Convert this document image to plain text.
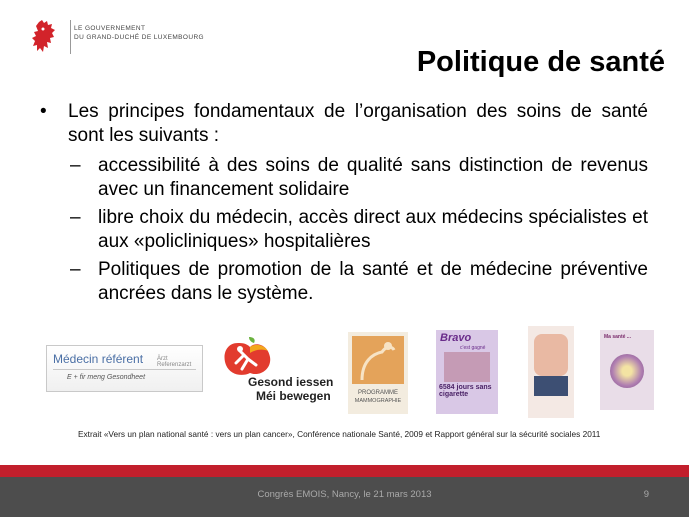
LE GOUVERNEMENT
DU GRAND-DUCHÉ DE LUXEMBOURG
Politique de santé
• Les principes fondamentaux de l’organisation des soins de santé sont les suivants :
– accessibilité à des soins de qualité sans distinction de revenus avec un financement solidaire
– libre choix du médecin, accès direct aux médecins spécialistes et aux «policliniques» hospitalières
– Politiques de promotion de la santé et de médecine préventive ancrées dans le système.
Médecin référent Ärzt Referenzarzt
E + fir meng Gesondheet	Gesond iessen
Méi bewegen	PROGRAMME
MAMMOGRAPHIE
Bravo
c'est gagné
6584 jours sans cigarette
Ma santé ...
Extrait «Vers un plan national santé : vers un plan cancer», Conférence nationale Santé, 2009 et Rapport général sur la sécurité sociales 2011
Congrès EMOIS, Nancy, le 21 mars 2013	9
